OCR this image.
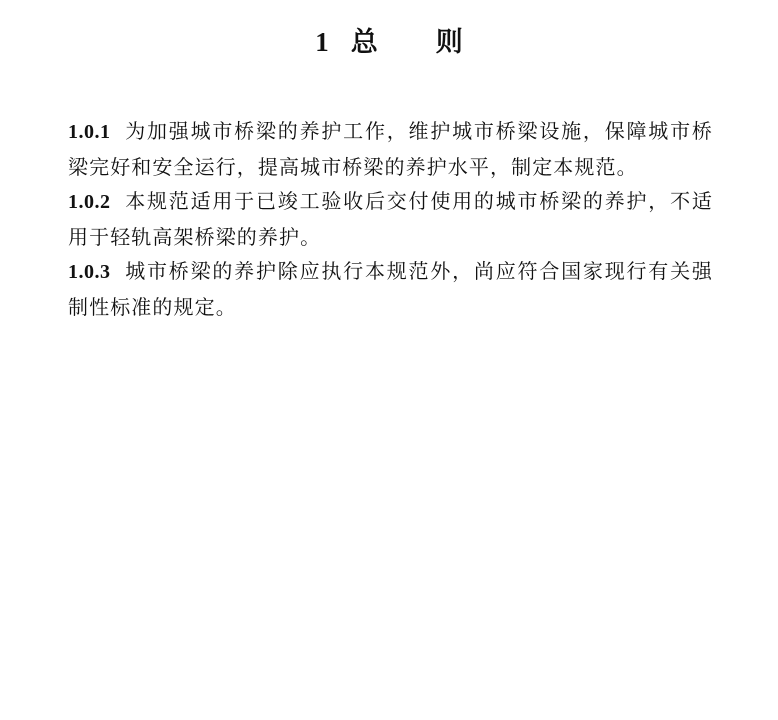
1 总 则

1.0.1 为加强城市桥梁的养护工作，维护城市桥梁设施，保障城市桥梁完好和安全运行，提高城市桥梁的养护水平，制定本规范。

1.0.2 本规范适用于已竣工验收后交付使用的城市桥梁的养护，不适用于轻轨高架桥梁的养护。

1.0.3 城市桥梁的养护除应执行本规范外，尚应符合国家现行有关强制性标准的规定。
